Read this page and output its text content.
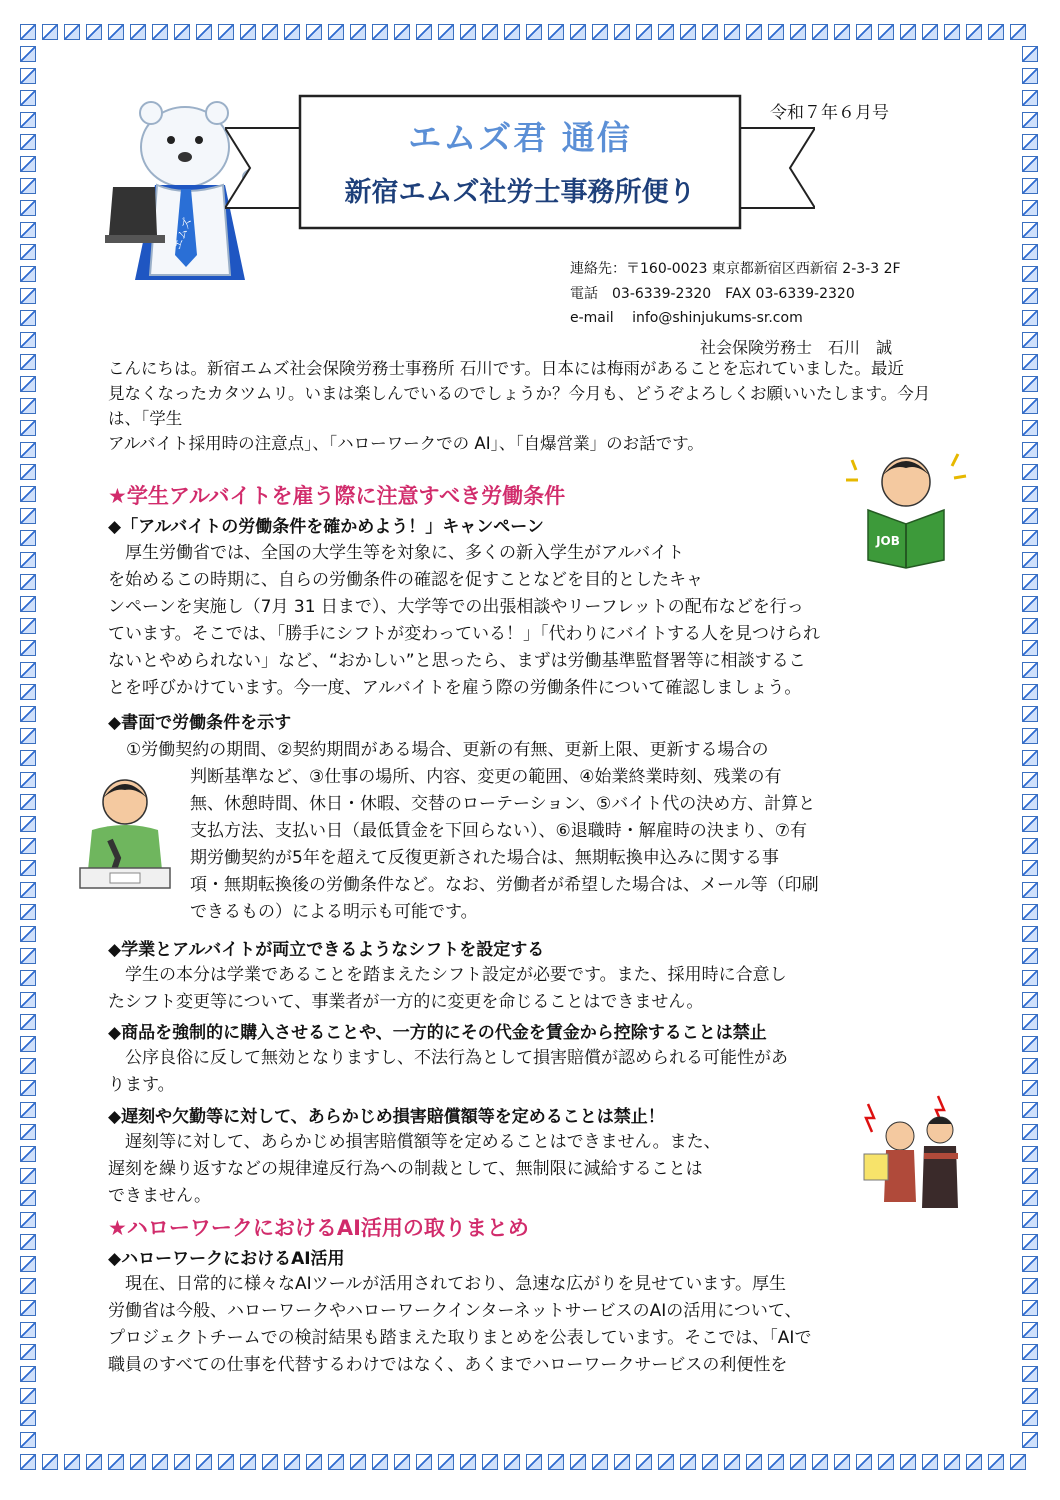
エムズ
令和７年６月号
エムズ君 通信
新宿エムズ社労士事務所便り
連絡先：〒160-0023 東京都新宿区西新宿 2-3-3 2F
電話　03-6339-2320　FAX 03-6339-2320
e-mail　 info@shinjukums-sr.com
社会保険労務士　石川　誠
こんにちは。新宿エムズ社会保険労務士事務所 石川です。日本には梅雨があることを忘れていました。最近
見なくなったカタツムリ。いまは楽しんでいるのでしょうか？今月も、どうぞよろしくお願いいたします。今月は、「学生
アルバイト採用時の注意点」、「ハローワークでの AI」、「自爆営業」のお話です。
★学生アルバイトを雇う際に注意すべき労働条件
◆「アルバイトの労働条件を確かめよう！」キャンペーン
　厚生労働省では、全国の大学生等を対象に、多くの新入学生がアルバイト
を始めるこの時期に、自らの労働条件の確認を促すことなどを目的としたキャ
ンペーンを実施し（7月 31 日まで）、大学等での出張相談やリーフレットの配布などを行っ
ています。そこでは、「勝手にシフトが変わっている！」「代わりにバイトする人を見つけられ
ないとやめられない」など、“おかしい”と思ったら、まずは労働基準監督署等に相談するこ
とを呼びかけています。今一度、アルバイトを雇う際の労働条件について確認しましょう。
JOB
◆書面で労働条件を示す
①労働契約の期間、②契約期間がある場合、更新の有無、更新上限、更新する場合の
判断基準など、③仕事の場所、内容、変更の範囲、④始業終業時刻、残業の有
無、休憩時間、休日・休暇、交替のローテーション、⑤バイト代の決め方、計算と
支払方法、支払い日（最低賃金を下回らない）、⑥退職時・解雇時の決まり、⑦有
期労働契約が5年を超えて反復更新された場合は、無期転換申込みに関する事
項・無期転換後の労働条件など。なお、労働者が希望した場合は、メール等（印刷
できるもの）による明示も可能です。
◆学業とアルバイトが両立できるようなシフトを設定する
　学生の本分は学業であることを踏まえたシフト設定が必要です。また、採用時に合意し
たシフト変更等について、事業者が一方的に変更を命じることはできません。
◆商品を強制的に購入させることや、一方的にその代金を賃金から控除することは禁止
　公序良俗に反して無効となりますし、不法行為として損害賠償が認められる可能性があ
ります。
◆遅刻や欠勤等に対して、あらかじめ損害賠償額等を定めることは禁止！
　遅刻等に対して、あらかじめ損害賠償額等を定めることはできません。また、
遅刻を繰り返すなどの規律違反行為への制裁として、無制限に減給することは
できません。
★ハローワークにおけるAI活用の取りまとめ
◆ハローワークにおけるAI活用
　現在、日常的に様々なAIツールが活用されており、急速な広がりを見せています。厚生
労働省は今般、ハローワークやハローワークインターネットサービスのAIの活用について、
プロジェクトチームでの検討結果も踏まえた取りまとめを公表しています。そこでは、「AIで
職員のすべての仕事を代替するわけではなく、あくまでハローワークサービスの利便性を
